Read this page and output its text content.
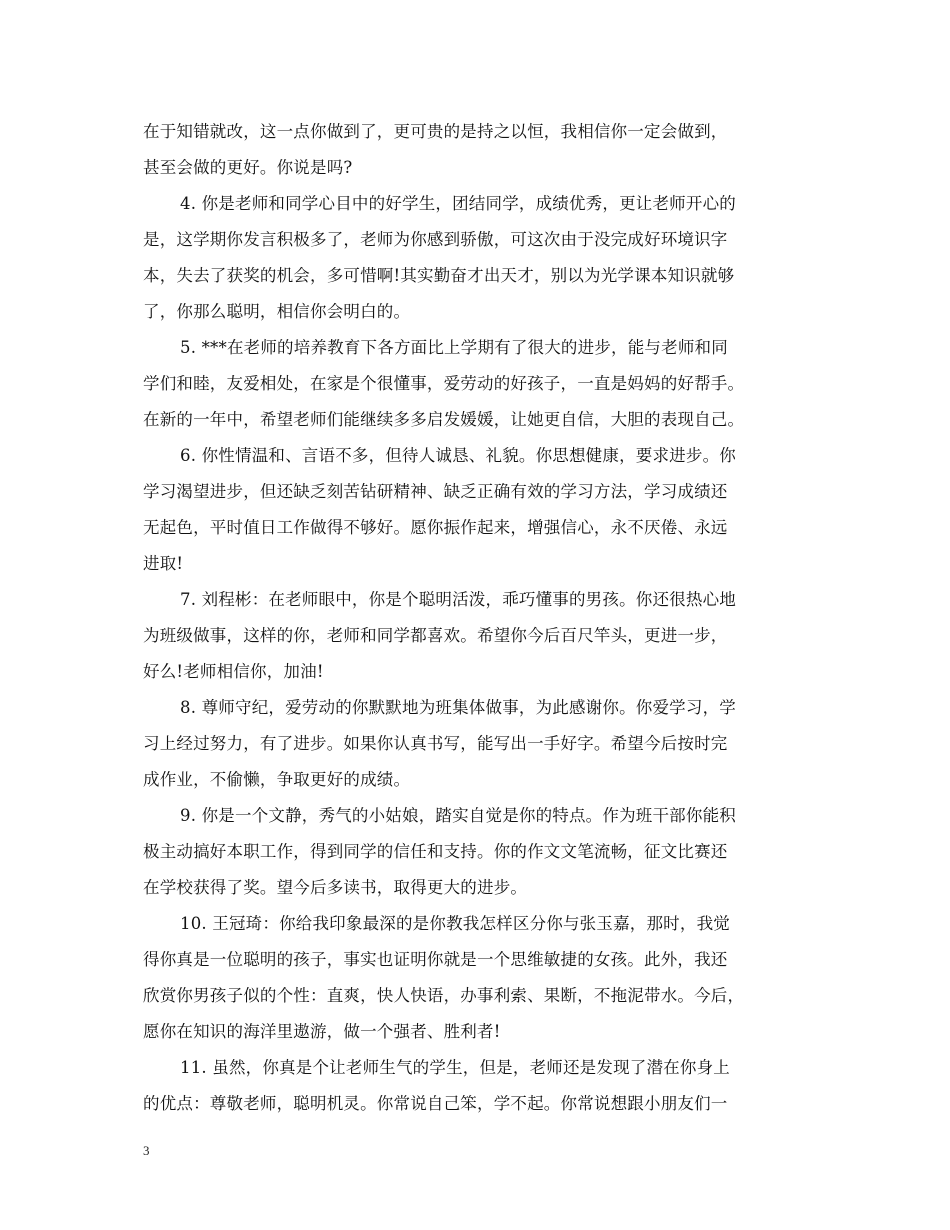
在于知错就改，这一点你做到了，更可贵的是持之以恒，我相信你一定会做到，
甚至会做的更好。你说是吗?
4. 你是老师和同学心目中的好学生，团结同学，成绩优秀，更让老师开心的
是，这学期你发言积极多了，老师为你感到骄傲，可这次由于没完成好环境识字
本，失去了获奖的机会，多可惜啊!其实勤奋才出天才，别以为光学课本知识就够
了，你那么聪明，相信你会明白的。
5. ***在老师的培养教育下各方面比上学期有了很大的进步，能与老师和同
学们和睦，友爱相处，在家是个很懂事，爱劳动的好孩子，一直是妈妈的好帮手。
在新的一年中，希望老师们能继续多多启发媛媛，让她更自信，大胆的表现自己。
6. 你性情温和、言语不多，但待人诚恳、礼貌。你思想健康，要求进步。你
学习渴望进步，但还缺乏刻苦钻研精神、缺乏正确有效的学习方法，学习成绩还
无起色，平时值日工作做得不够好。愿你振作起来，增强信心，永不厌倦、永远
进取!
7. 刘程彬：在老师眼中，你是个聪明活泼，乖巧懂事的男孩。你还很热心地
为班级做事，这样的你，老师和同学都喜欢。希望你今后百尺竿头，更进一步，
好么!老师相信你，加油!
8. 尊师守纪，爱劳动的你默默地为班集体做事，为此感谢你。你爱学习，学
习上经过努力，有了进步。如果你认真书写，能写出一手好字。希望今后按时完
成作业，不偷懒，争取更好的成绩。
9. 你是一个文静，秀气的小姑娘，踏实自觉是你的特点。作为班干部你能积
极主动搞好本职工作，得到同学的信任和支持。你的作文文笔流畅，征文比赛还
在学校获得了奖。望今后多读书，取得更大的进步。
10. 王冠琦：你给我印象最深的是你教我怎样区分你与张玉嘉，那时，我觉
得你真是一位聪明的孩子，事实也证明你就是一个思维敏捷的女孩。此外，我还
欣赏你男孩子似的个性：直爽，快人快语，办事利索、果断，不拖泥带水。今后，
愿你在知识的海洋里遨游，做一个强者、胜利者!
11. 虽然，你真是个让老师生气的学生，但是，老师还是发现了潜在你身上
的优点：尊敬老师，聪明机灵。你常说自己笨，学不起。你常说想跟小朋友们一
3
